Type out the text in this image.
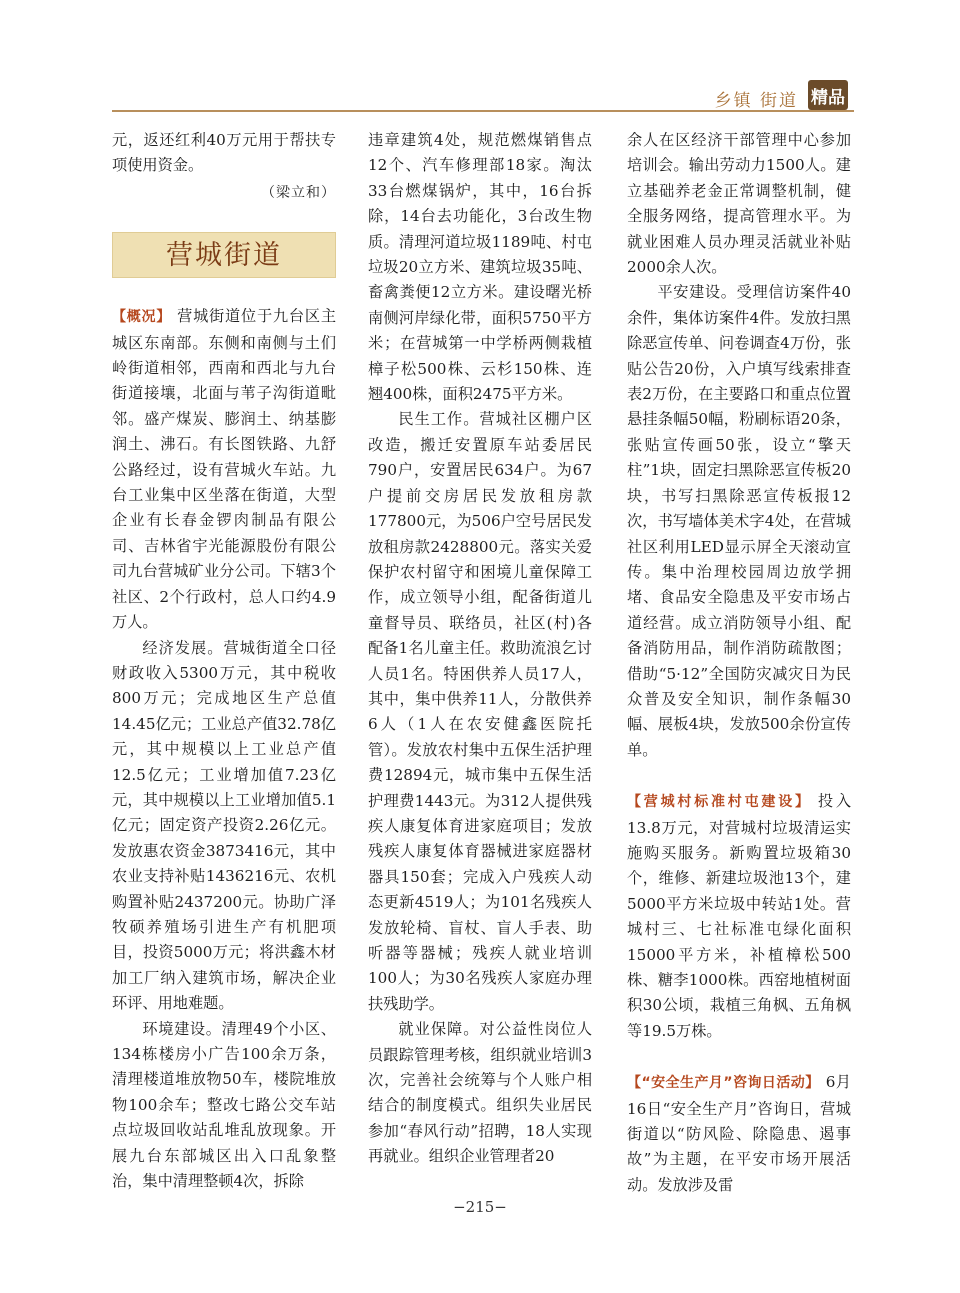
乡镇 街道 精品

元，返还红利40万元用于帮扶专项使用资金。

（梁立和）
营城街道

【概况】 营城街道位于九台区主城区东南部。东侧和南侧与土们岭街道相邻，西南和西北与九台街道接壤，北面与苇子沟街道毗邻。盛产煤炭、膨润土、纳基膨润土、沸石。有长图铁路、九舒公路经过，设有营城火车站。九台工业集中区坐落在街道，大型企业有长春金锣肉制品有限公司、吉林省宇光能源股份有限公司九台营城矿业分公司。下辖3个社区、2个行政村，总人口约4.9万人。

经济发展。营城街道全口径财政收入5300万元，其中税收800万元；完成地区生产总值14.45亿元；工业总产值32.78亿元，其中规模以上工业总产值12.5亿元；工业增加值7.23亿元，其中规模以上工业增加值5.1亿元；固定资产投资2.26亿元。发放惠农资金3873416元，其中农业支持补贴1436216元、农机购置补贴2437200元。协助广泽牧硕养殖场引进生产有机肥项目，投资5000万元；将洪鑫木材加工厂纳入建筑市场，解决企业环评、用地难题。

环境建设。清理49个小区、134栋楼房小广告100余万条，清理楼道堆放物50车，楼院堆放物100余车；整改七路公交车站点垃圾回收站乱堆乱放现象。开展九台东部城区出入口乱象整治，集中清理整顿4次，拆除

违章建筑4处，规范燃煤销售点12个、汽车修理部18家。淘汰33台燃煤锅炉，其中，16台拆除，14台去功能化，3台改生物质。清理河道垃圾1189吨、村屯垃圾20立方米、建筑垃圾35吨、畜禽粪便12立方米。建设曙光桥南侧河岸绿化带，面积5750平方米；在营城第一中学桥两侧栽植樟子松500株、云杉150株、连翘400株，面积2475平方米。

民生工作。营城社区棚户区改造，搬迁安置原车站委居民790户，安置居民634户。为67户提前交房居民发放租房款177800元，为506户空号居民发放租房款2428800元。落实关爱保护农村留守和困境儿童保障工作，成立领导小组，配备街道儿童督导员、联络员，社区(村)各配备1名儿童主任。救助流浪乞讨人员1名。特困供养人员17人，其中，集中供养11人，分散供养6人（1人在农安健鑫医院托管）。发放农村集中五保生活护理费12894元，城市集中五保生活护理费1443元。为312人提供残疾人康复体育进家庭项目；发放残疾人康复体育器械进家庭器材器具150套；完成入户残疾人动态更新4519人；为101名残疾人发放轮椅、盲杖、盲人手表、助听器等器械；残疾人就业培训100人；为30名残疾人家庭办理扶残助学。

就业保障。对公益性岗位人员跟踪管理考核，组织就业培训3次，完善社会统筹与个人账户相结合的制度模式。组织失业居民参加“春风行动”招聘，18人实现再就业。组织企业管理者20

余人在区经济干部管理中心参加培训会。输出劳动力1500人。建立基础养老金正常调整机制，健全服务网络，提高管理水平。为就业困难人员办理灵活就业补贴2000余人次。

平安建设。受理信访案件40余件，集体访案件4件。发放扫黑除恶宣传单、问卷调查4万份，张贴公告20份，入户填写线索排查表2万份，在主要路口和重点位置悬挂条幅50幅，粉刷标语20条，张贴宣传画50张，设立“擎天柱”1块，固定扫黑除恶宣传板20块，书写扫黑除恶宣传板报12次，书写墙体美术字4处，在营城社区利用LED显示屏全天滚动宣传。集中治理校园周边放学拥堵、食品安全隐患及平安市场占道经营。成立消防领导小组、配备消防用品，制作消防疏散图；借助“5·12”全国防灾减灾日为民众普及安全知识，制作条幅30幅、展板4块，发放500余份宣传单。

【营城村标准村屯建设】 投入13.8万元，对营城村垃圾清运实施购买服务。新购置垃圾箱30个，维修、新建垃圾池13个，建5000平方米垃圾中转站1处。营城村三、七社标准屯绿化面积15000平方米，补植樟松500株、糖李1000株。西窑地植树面积30公顷，栽植三角枫、五角枫等19.5万株。

【“安全生产月”咨询日活动】 6月16日“安全生产月”咨询日，营城街道以“防风险、除隐患、遏事故”为主题，在平安市场开展活动。发放涉及雷

−215−
